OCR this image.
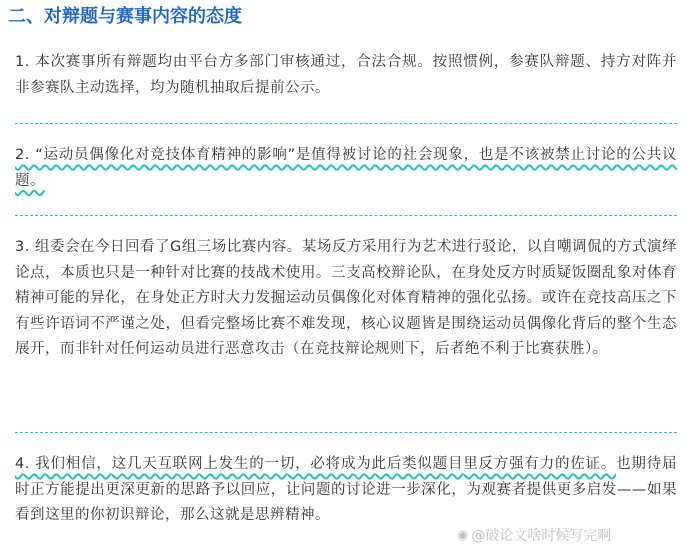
二、对辩题与赛事内容的态度

1. 本次赛事所有辩题均由平台方多部门审核通过，合法合规。按照惯例，参赛队辩题、持方对阵并非参赛队主动选择，均为随机抽取后提前公示。

2. “运动员偶像化对竞技体育精神的影响”是值得被讨论的社会现象，也是不该被禁止讨论的公共议题。

3. 组委会在今日回看了G组三场比赛内容。某场反方采用行为艺术进行驳论，以自嘲调侃的方式演绎论点，本质也只是一种针对比赛的技战术使用。三支高校辩论队，在身处反方时质疑饭圈乱象对体育精神可能的异化，在身处正方时大力发掘运动员偶像化对体育精神的强化弘扬。或许在竞技高压之下有些许语词不严谨之处，但看完整场比赛不难发现，核心议题皆是围绕运动员偶像化背后的整个生态展开，而非针对任何运动员进行恶意攻击（在竞技辩论规则下，后者绝不利于比赛获胜）。

4. 我们相信，这几天互联网上发生的一切，必将成为此后类似题目里反方强有力的佐证。也期待届时正方能提出更深更新的思路予以回应，让问题的讨论进一步深化，为观赛者提供更多启发——如果看到这里的你初识辩论，那么这就是思辨精神。

◉ @破论文啥时候写完啊
